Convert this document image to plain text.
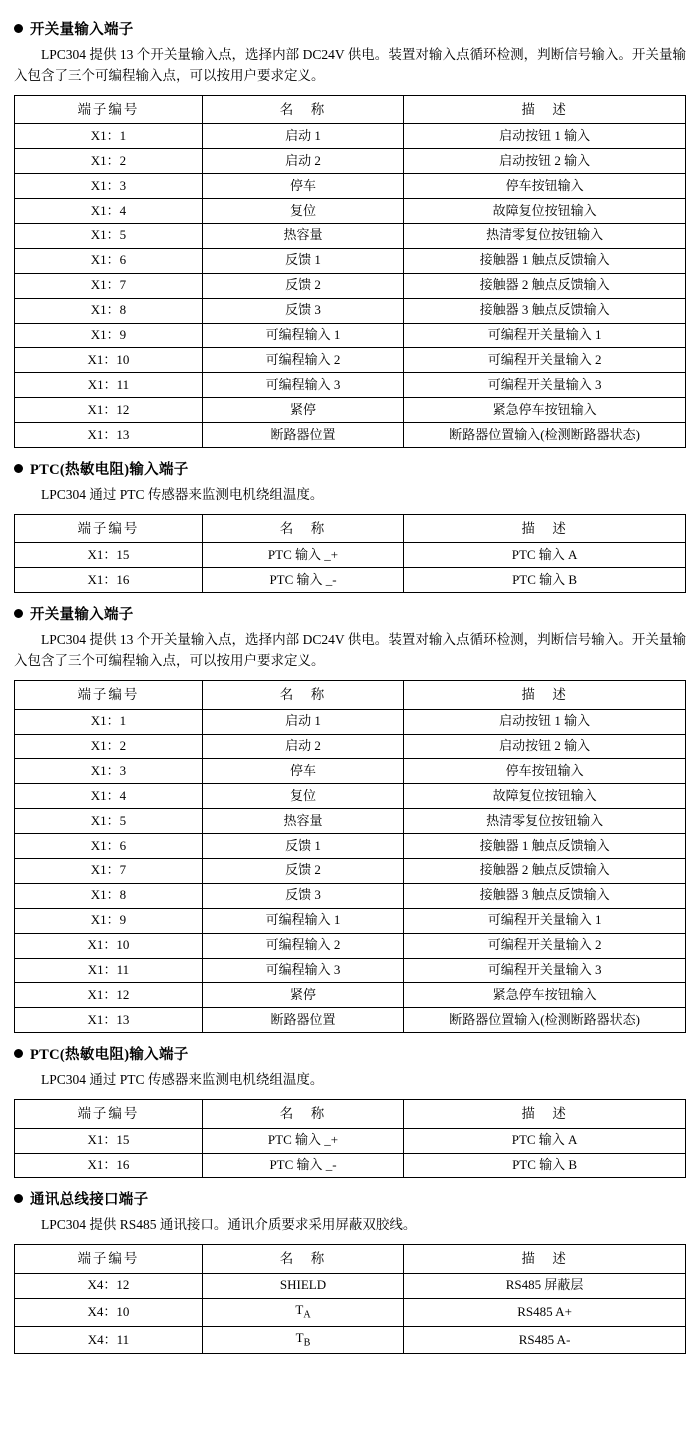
开关量输入端子

LPC304 提供 13 个开关量输入点，选择内部 DC24V 供电。装置对输入点循环检测，判断信号输入。开关量输入包含了三个可编程输入点，可以按用户要求定义。

端子编号	名　称	描　述
X1：1	启动 1	启动按钮 1 输入
X1：2	启动 2	启动按钮 2 输入
X1：3	停车	停车按钮输入
X1：4	复位	故障复位按钮输入
X1：5	热容量	热清零复位按钮输入
X1：6	反馈 1	接触器 1 触点反馈输入
X1：7	反馈 2	接触器 2 触点反馈输入
X1：8	反馈 3	接触器 3 触点反馈输入
X1：9	可编程输入 1	可编程开关量输入 1
X1：10	可编程输入 2	可编程开关量输入 2
X1：11	可编程输入 3	可编程开关量输入 3
X1：12	紧停	紧急停车按钮输入
X1：13	断路器位置	断路器位置输入(检测断路器状态)
PTC(热敏电阻)输入端子

LPC304 通过 PTC 传感器来监测电机绕组温度。

端子编号	名　称	描　述
X1：15	PTC 输入 _+	PTC 输入 A
X1：16	PTC 输入 _-	PTC 输入 B
开关量输入端子

LPC304 提供 13 个开关量输入点，选择内部 DC24V 供电。装置对输入点循环检测，判断信号输入。开关量输入包含了三个可编程输入点，可以按用户要求定义。

端子编号	名　称	描　述
X1：1	启动 1	启动按钮 1 输入
X1：2	启动 2	启动按钮 2 输入
X1：3	停车	停车按钮输入
X1：4	复位	故障复位按钮输入
X1：5	热容量	热清零复位按钮输入
X1：6	反馈 1	接触器 1 触点反馈输入
X1：7	反馈 2	接触器 2 触点反馈输入
X1：8	反馈 3	接触器 3 触点反馈输入
X1：9	可编程输入 1	可编程开关量输入 1
X1：10	可编程输入 2	可编程开关量输入 2
X1：11	可编程输入 3	可编程开关量输入 3
X1：12	紧停	紧急停车按钮输入
X1：13	断路器位置	断路器位置输入(检测断路器状态)
PTC(热敏电阻)输入端子

LPC304 通过 PTC 传感器来监测电机绕组温度。

端子编号	名　称	描　述
X1：15	PTC 输入 _+	PTC 输入 A
X1：16	PTC 输入 _-	PTC 输入 B
通讯总线接口端子

LPC304 提供 RS485 通讯接口。通讯介质要求采用屏蔽双胶线。

端子编号	名　称	描　述
X4：12	SHIELD	RS485 屏蔽层
X4：10	$T_A$	RS485 A+
X4：11	$T_B$	RS485 A-
